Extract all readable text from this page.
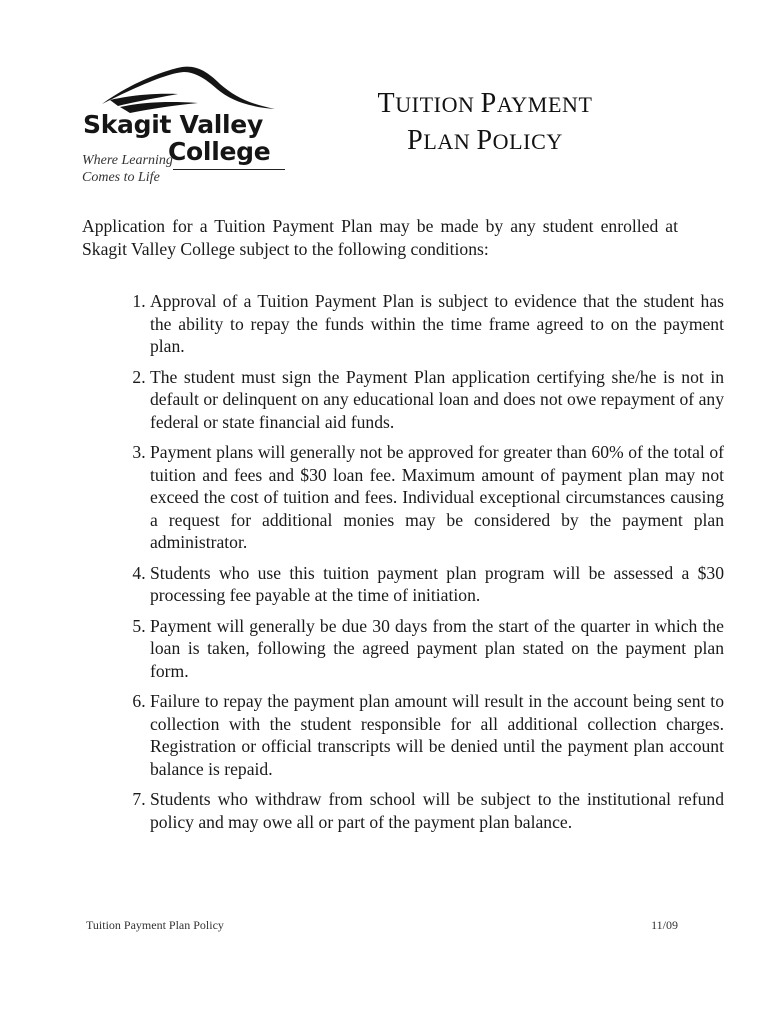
Skagit Valley

College

Where Learning

Comes to Life

TUITION PAYMENT
PLAN POLICY

Application for a Tuition Payment Plan may be made by any student enrolled at Skagit Valley College subject to the following conditions:

1. Approval of a Tuition Payment Plan is subject to evidence that the student has the ability to repay the funds within the time frame agreed to on the payment plan.
2. The student must sign the Payment Plan application certifying she/he is not in default or delinquent on any educational loan and does not owe repayment of any federal or state financial aid funds.
3. Payment plans will generally not be approved for greater than 60% of the total of tuition and fees and $30 loan fee. Maximum amount of payment plan may not exceed the cost of tuition and fees. Individual exceptional circumstances causing a request for additional monies may be considered by the payment plan administrator.
4. Students who use this tuition payment plan program will be assessed a $30 processing fee payable at the time of initiation.
5. Payment will generally be due 30 days from the start of the quarter in which the loan is taken, following the agreed payment plan stated on the payment plan form.
6. Failure to repay the payment plan amount will result in the account being sent to collection with the student responsible for all additional collection charges. Registration or official transcripts will be denied until the payment plan account balance is repaid.
7. Students who withdraw from school will be subject to the institutional refund policy and may owe all or part of the payment plan balance.

Tuition Payment Plan Policy	11/09
